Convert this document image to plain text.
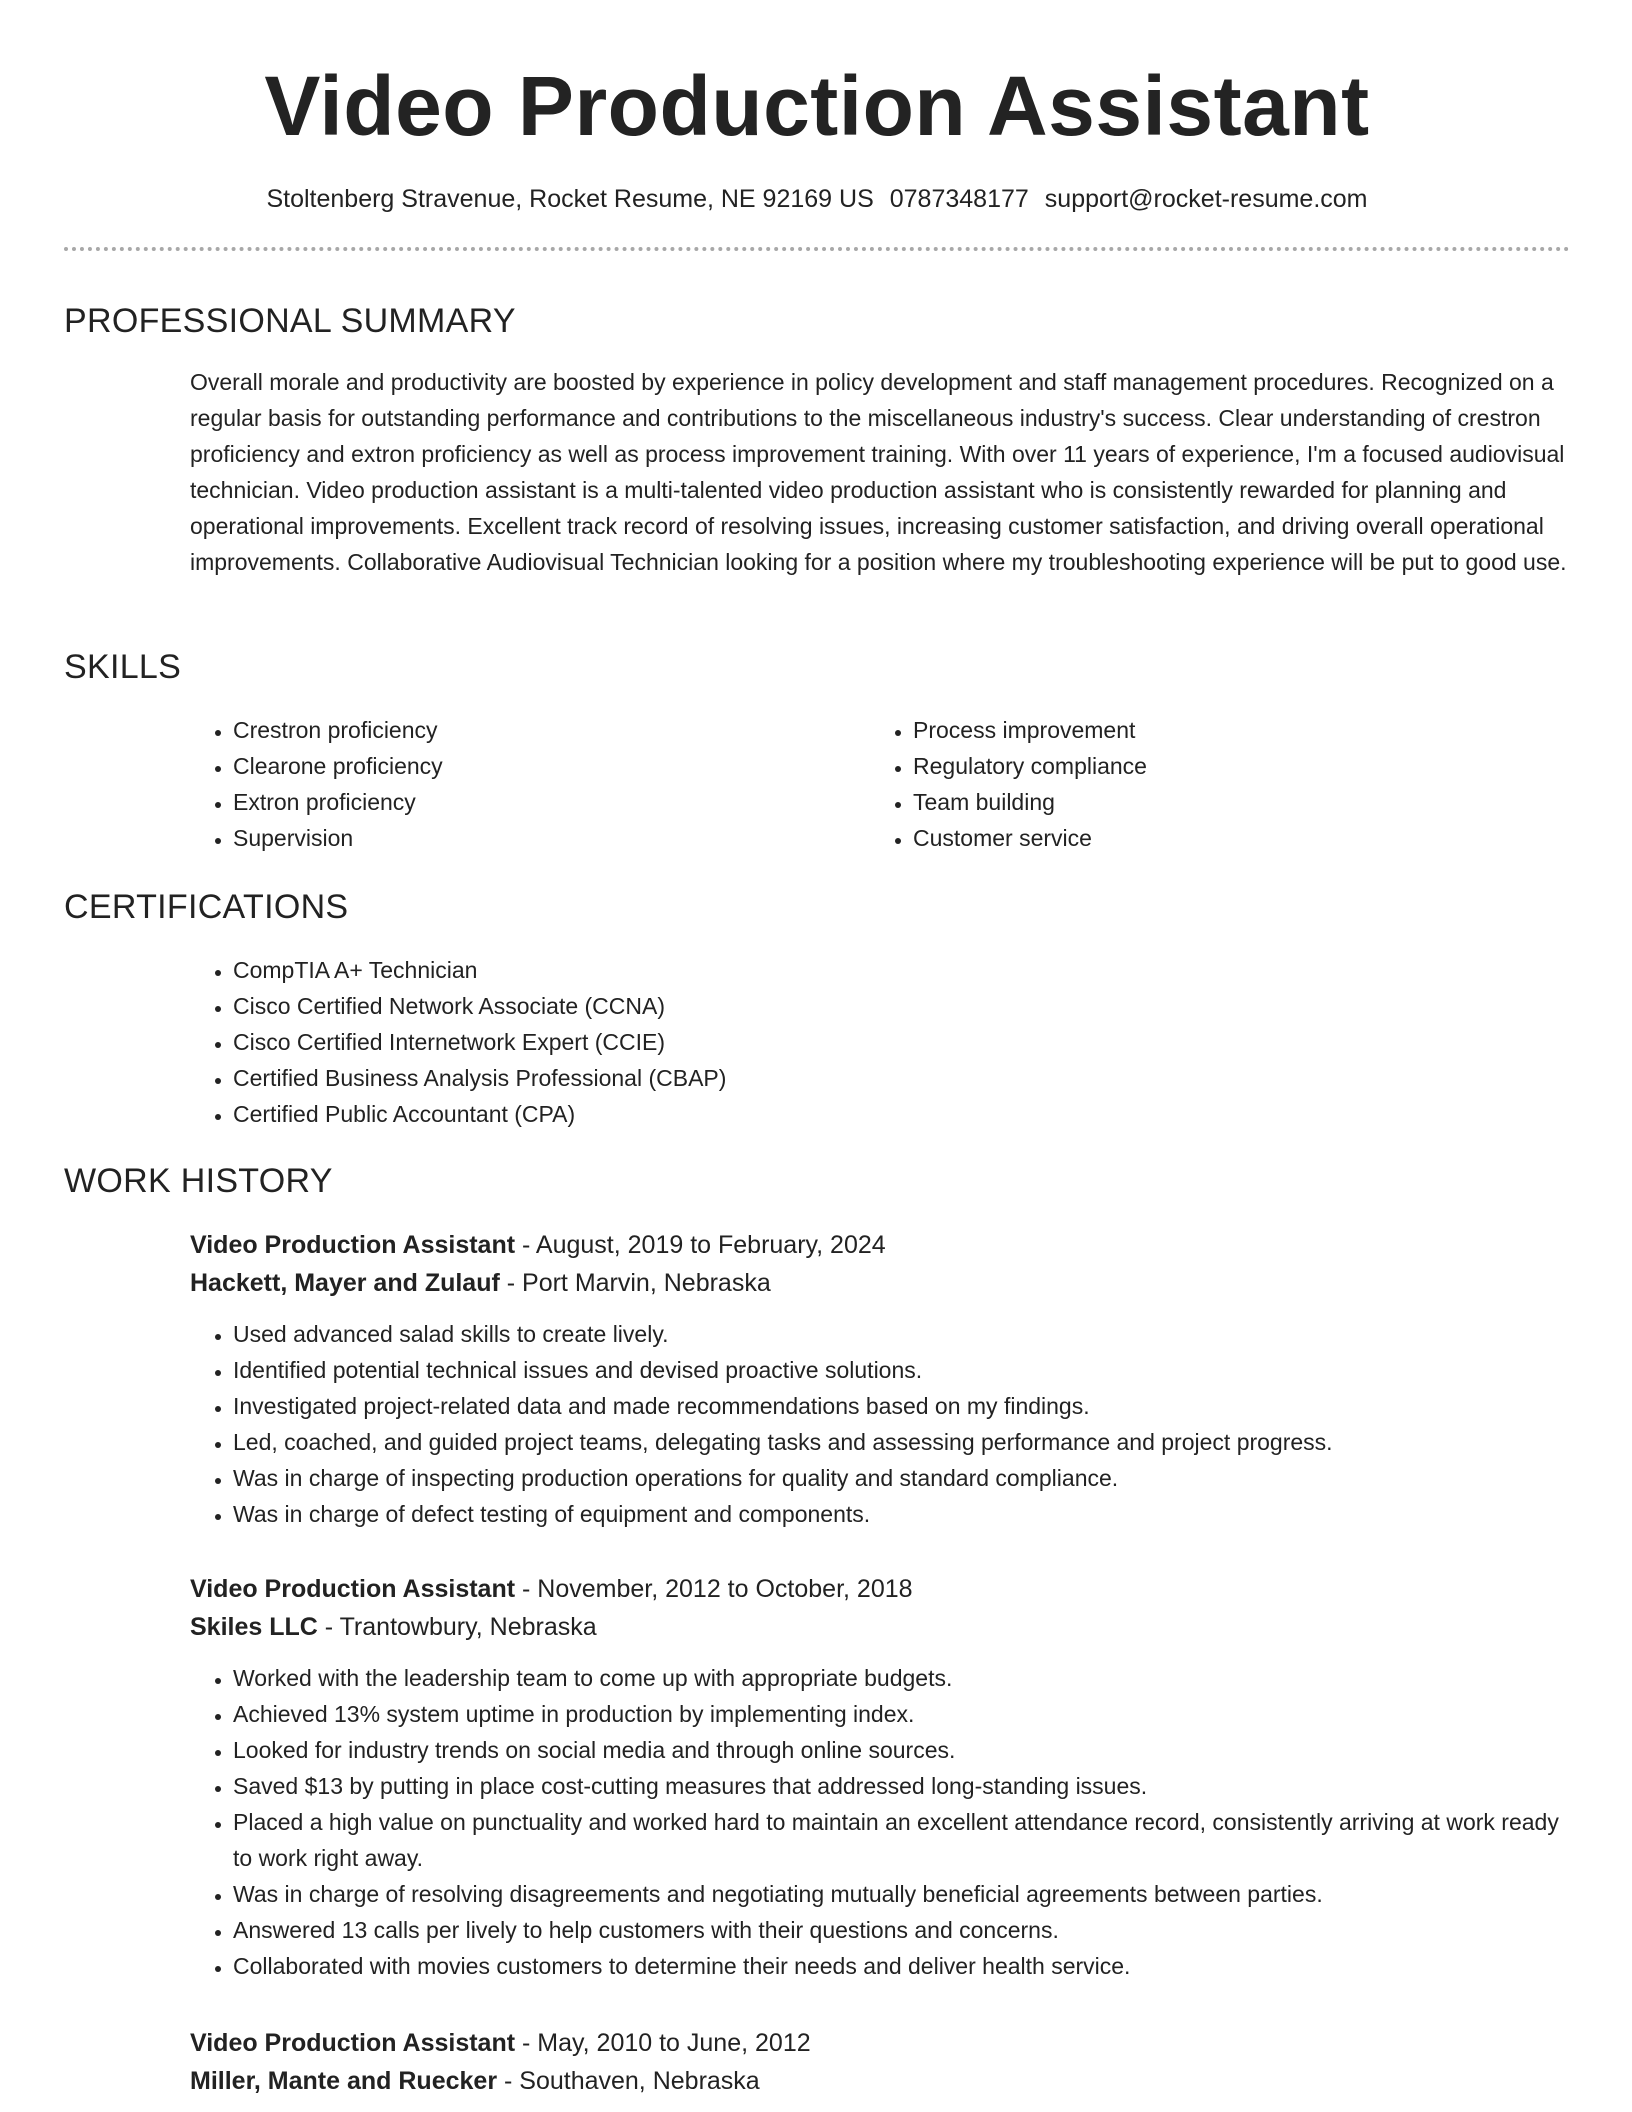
Video Production Assistant
Stoltenberg Stravenue, Rocket Resume, NE 92169 US 0787348177 support@rocket-resume.com
PROFESSIONAL SUMMARY
Overall morale and productivity are boosted by experience in policy development and staff management procedures. Recognized on a regular basis for outstanding performance and contributions to the miscellaneous industry's success. Clear understanding of crestron proficiency and extron proficiency as well as process improvement training. With over 11 years of experience, I'm a focused audiovisual technician. Video production assistant is a multi-talented video production assistant who is consistently rewarded for planning and operational improvements. Excellent track record of resolving issues, increasing customer satisfaction, and driving overall operational improvements. Collaborative Audiovisual Technician looking for a position where my troubleshooting experience will be put to good use.
SKILLS
• Crestron proficiency
• Clearone proficiency
• Extron proficiency
• Supervision
• Process improvement
• Regulatory compliance
• Team building
• Customer service
CERTIFICATIONS
• CompTIA A+ Technician
• Cisco Certified Network Associate (CCNA)
• Cisco Certified Internetwork Expert (CCIE)
• Certified Business Analysis Professional (CBAP)
• Certified Public Accountant (CPA)
WORK HISTORY
Video Production Assistant - August, 2019 to February, 2024
Hackett, Mayer and Zulauf - Port Marvin, Nebraska
• Used advanced salad skills to create lively.
• Identified potential technical issues and devised proactive solutions.
• Investigated project-related data and made recommendations based on my findings.
• Led, coached, and guided project teams, delegating tasks and assessing performance and project progress.
• Was in charge of inspecting production operations for quality and standard compliance.
• Was in charge of defect testing of equipment and components.
Video Production Assistant - November, 2012 to October, 2018
Skiles LLC - Trantowbury, Nebraska
• Worked with the leadership team to come up with appropriate budgets.
• Achieved 13% system uptime in production by implementing index.
• Looked for industry trends on social media and through online sources.
• Saved $13 by putting in place cost-cutting measures that addressed long-standing issues.
• Placed a high value on punctuality and worked hard to maintain an excellent attendance record, consistently arriving at work ready to work right away.
• Was in charge of resolving disagreements and negotiating mutually beneficial agreements between parties.
• Answered 13 calls per lively to help customers with their questions and concerns.
• Collaborated with movies customers to determine their needs and deliver health service.
Video Production Assistant - May, 2010 to June, 2012
Miller, Mante and Ruecker - Southaven, Nebraska
